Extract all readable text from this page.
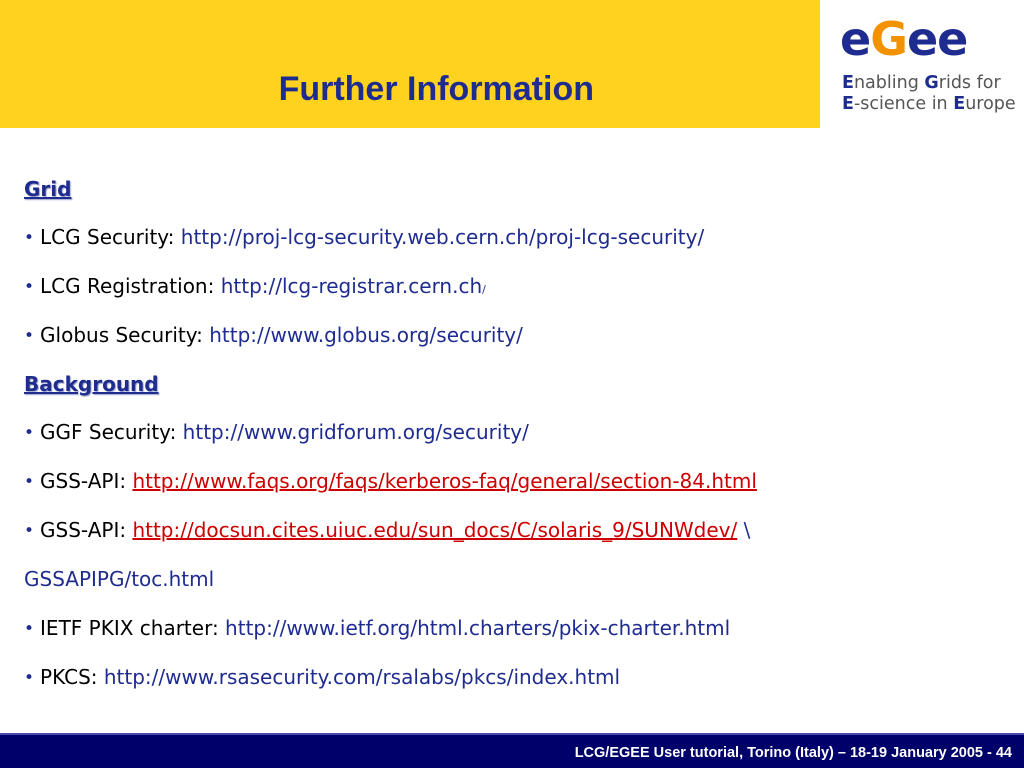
Further Information
eGee
Enabling Grids for
E-science in Europe
Grid
• LCG Security: http://proj-lcg-security.web.cern.ch/proj-lcg-security/
• LCG Registration: http://lcg-registrar.cern.ch/
• Globus Security: http://www.globus.org/security/
Background
• GGF Security: http://www.gridforum.org/security/
• GSS-API: http://www.faqs.org/faqs/kerberos-faq/general/section-84.html
• GSS-API: http://docsun.cites.uiuc.edu/sun_docs/C/solaris_9/SUNWdev/ \
GSSAPIPG/toc.html
• IETF PKIX charter: http://www.ietf.org/html.charters/pkix-charter.html
• PKCS: http://www.rsasecurity.com/rsalabs/pkcs/index.html
LCG/EGEE User tutorial, Torino (Italy) – 18-19 January 2005 - 44
